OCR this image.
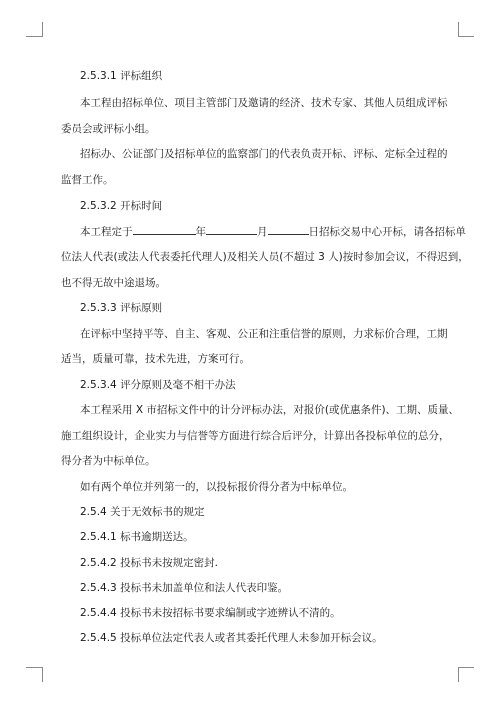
2.5.3.1 评标组织
本工程由招标单位、项目主管部门及邀请的经济、技术专家、其他人员组成评标
委员会或评标小组。
招标办、公证部门及招标单位的监察部门的代表负责开标、评标、定标全过程的
监督工作。
2.5.3.2 开标时间
本工程定于	年	月	日招标交易中心开标，请各招标单
位法人代表(或法人代表委托代理人)及相关人员(不超过 3 人)按时参加会议，不得迟到，
也不得无故中途退场。
2.5.3.3 评标原则
在评标中坚持平等、自主、客观、公正和注重信誉的原则，力求标价合理，工期
适当，质量可靠，技术先进，方案可行。
2.5.3.4 评分原则及毫不相干办法
本工程采用 X 市招标文件中的计分评标办法，对报价(或优惠条件)、工期、质量、
施工组织设计，企业实力与信誉等方面进行综合后评分，计算出各投标单位的总分，
得分者为中标单位。
如有两个单位并列第一的，以投标报价得分者为中标单位。
2.5.4 关于无效标书的规定
2.5.4.1 标书逾期送达。
2.5.4.2 投标书未按规定密封.
2.5.4.3 投标书未加盖单位和法人代表印鉴。
2.5.4.4 投标书未按招标书要求编制或字迹辨认不清的。
2.5.4.5 投标单位法定代表人或者其委托代理人未参加开标会议。
